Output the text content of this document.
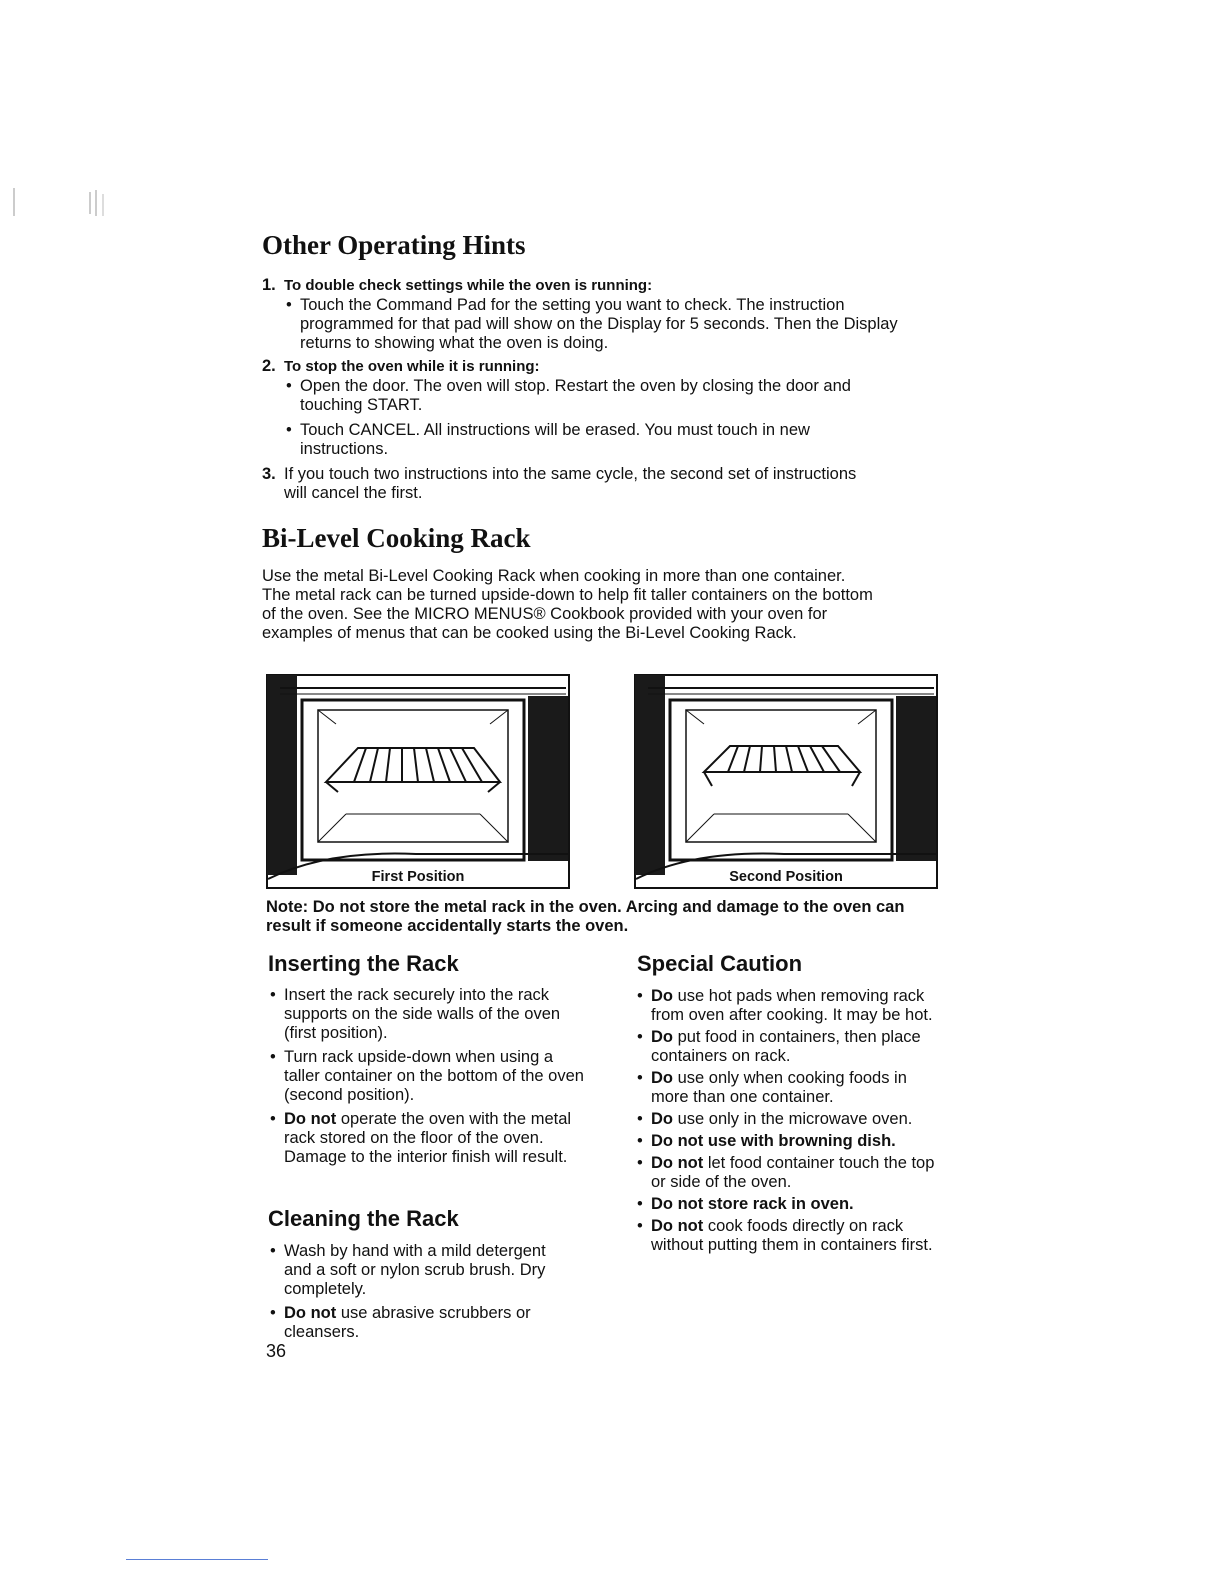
Other Operating Hints
1. To double check settings while the oven is running:
• Touch the Command Pad for the setting you want to check. The instruction programmed for that pad will show on the Display for 5 seconds. Then the Display returns to showing what the oven is doing.
2. To stop the oven while it is running:
• Open the door. The oven will stop. Restart the oven by closing the door and touching START.
• Touch CANCEL. All instructions will be erased. You must touch in new instructions.
3. If you touch two instructions into the same cycle, the second set of instructions will cancel the first.
Bi-Level Cooking Rack
Use the metal Bi-Level Cooking Rack when cooking in more than one container. The metal rack can be turned upside-down to help fit taller containers on the bottom of the oven. See the MICRO MENUS® Cookbook provided with your oven for examples of menus that can be cooked using the Bi-Level Cooking Rack.
First Position	Second Position
Note: Do not store the metal rack in the oven. Arcing and damage to the oven can result if someone accidentally starts the oven.
Inserting the Rack
• Insert the rack securely into the rack supports on the side walls of the oven (first position).
• Turn rack upside-down when using a taller container on the bottom of the oven (second position).
• Do not operate the oven with the metal rack stored on the floor of the oven. Damage to the interior finish will result.
Cleaning the Rack
• Wash by hand with a mild detergent and a soft or nylon scrub brush. Dry completely.
• Do not use abrasive scrubbers or cleansers.
Special Caution
• Do use hot pads when removing rack from oven after cooking. It may be hot.
• Do put food in containers, then place containers on rack.
• Do use only when cooking foods in more than one container.
• Do use only in the microwave oven.
• Do not use with browning dish.
• Do not let food container touch the top or side of the oven.
• Do not store rack in oven.
• Do not cook foods directly on rack without putting them in containers first.
36
